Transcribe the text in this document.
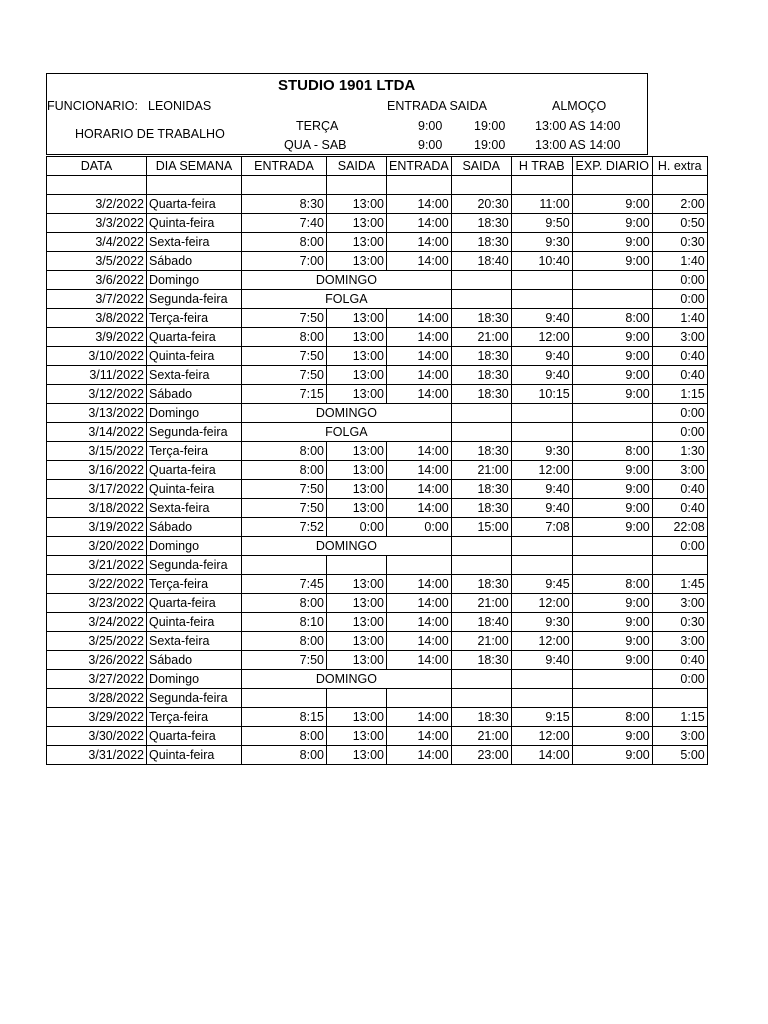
STUDIO 1901 LTDA
FUNCIONARIO: LEONIDAS	ENTRADA SAIDA	ALMOÇO
HORARIO DE TRABALHO
TERÇA	9:00	19:00 13:00 AS 14:00
QUA - SAB	9:00	19:00 13:00 AS 14:00
DATA	DIA SEMANA	ENTRADA	SAIDA	ENTRADA	SAIDA	H TRAB	EXP. DIARIO	H. extra

3/2/2022	Quarta-feira	8:30	13:00	14:00	20:30	11:00	9:00	2:00
3/3/2022	Quinta-feira	7:40	13:00	14:00	18:30	9:50	9:00	0:50
3/4/2022	Sexta-feira	8:00	13:00	14:00	18:30	9:30	9:00	0:30
3/5/2022	Sábado	7:00	13:00	14:00	18:40	10:40	9:00	1:40
3/6/2022	Domingo	DOMINGO						0:00
3/7/2022	Segunda-feira	FOLGA						0:00
3/8/2022	Terça-feira	7:50	13:00	14:00	18:30	9:40	8:00	1:40
3/9/2022	Quarta-feira	8:00	13:00	14:00	21:00	12:00	9:00	3:00
3/10/2022	Quinta-feira	7:50	13:00	14:00	18:30	9:40	9:00	0:40
3/11/2022	Sexta-feira	7:50	13:00	14:00	18:30	9:40	9:00	0:40
3/12/2022	Sábado	7:15	13:00	14:00	18:30	10:15	9:00	1:15
3/13/2022	Domingo	DOMINGO						0:00
3/14/2022	Segunda-feira	FOLGA						0:00
3/15/2022	Terça-feira	8:00	13:00	14:00	18:30	9:30	8:00	1:30
3/16/2022	Quarta-feira	8:00	13:00	14:00	21:00	12:00	9:00	3:00
3/17/2022	Quinta-feira	7:50	13:00	14:00	18:30	9:40	9:00	0:40
3/18/2022	Sexta-feira	7:50	13:00	14:00	18:30	9:40	9:00	0:40
3/19/2022	Sábado	7:52	0:00	0:00	15:00	7:08	9:00	22:08
3/20/2022	Domingo	DOMINGO						0:00
3/21/2022	Segunda-feira							
3/22/2022	Terça-feira	7:45	13:00	14:00	18:30	9:45	8:00	1:45
3/23/2022	Quarta-feira	8:00	13:00	14:00	21:00	12:00	9:00	3:00
3/24/2022	Quinta-feira	8:10	13:00	14:00	18:40	9:30	9:00	0:30
3/25/2022	Sexta-feira	8:00	13:00	14:00	21:00	12:00	9:00	3:00
3/26/2022	Sábado	7:50	13:00	14:00	18:30	9:40	9:00	0:40
3/27/2022	Domingo	DOMINGO						0:00
3/28/2022	Segunda-feira							
3/29/2022	Terça-feira	8:15	13:00	14:00	18:30	9:15	8:00	1:15
3/30/2022	Quarta-feira	8:00	13:00	14:00	21:00	12:00	9:00	3:00
3/31/2022	Quinta-feira	8:00	13:00	14:00	23:00	14:00	9:00	5:00
